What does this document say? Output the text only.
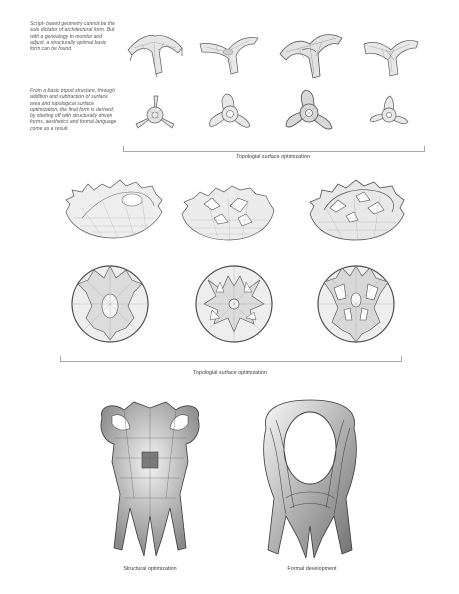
Script- based geometry cannot be the sole dictator of architectural form. But with a genealogy to monitor and adjust, a structurally optimal basic form can be found.

From a basic tripod structure, through addition and subtraction of surface area and topological surface optimization, the final form is derived; by starting off with structurally driven forms, aesthetics and formal language come as a result.

Topologial surface optimization
Topologial surface optimization
Structural optimization	Formal development
